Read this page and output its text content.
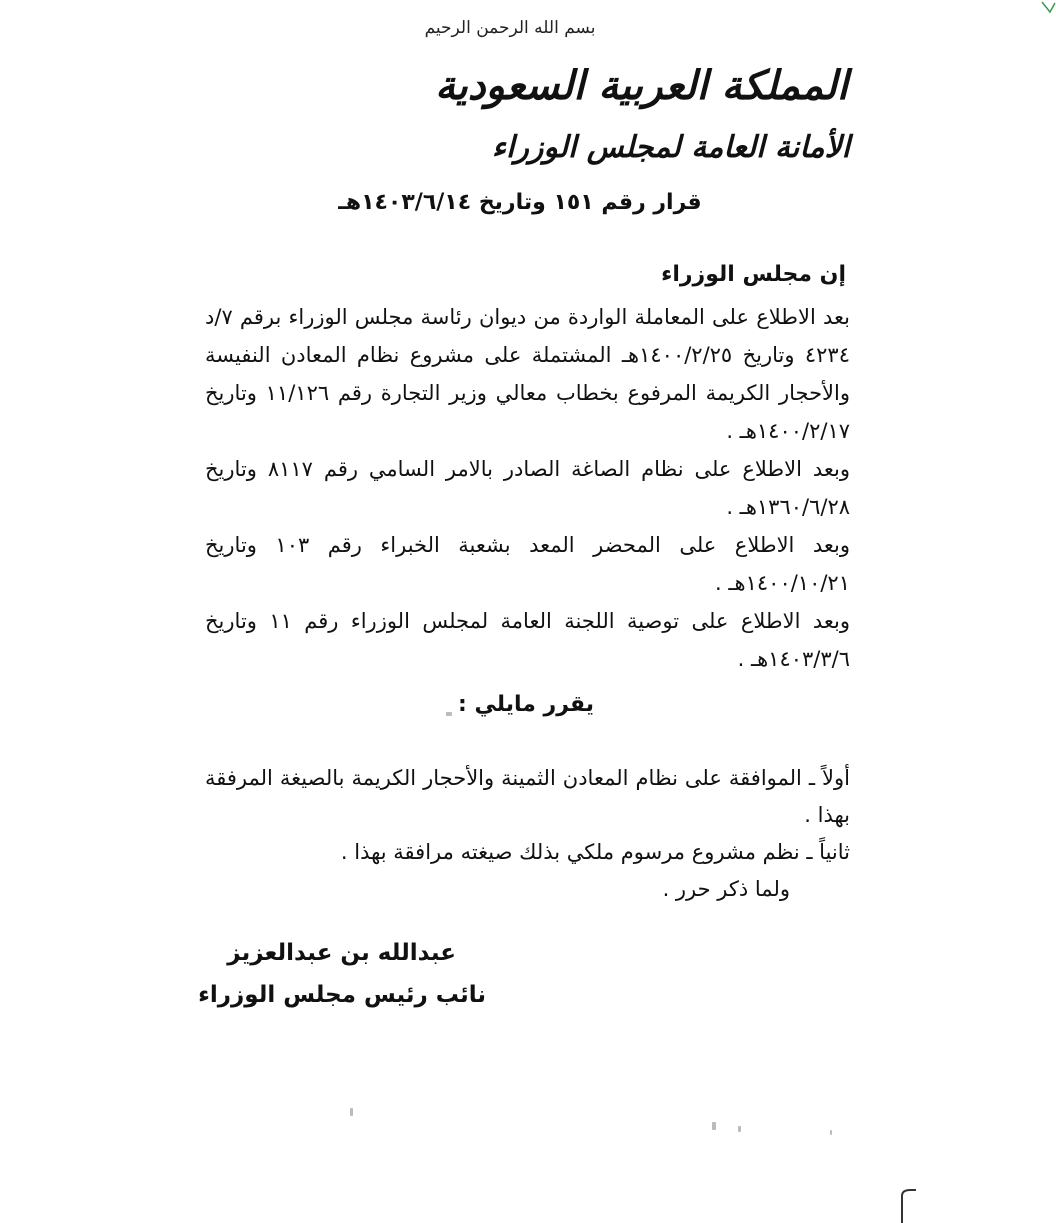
بسم الله الرحمن الرحيم
المملكة العربية السعودية
الأمانة العامة لمجلس الوزراء
قرار رقم ١٥١ وتاريخ ١٤٠٣/٦/١٤هـ
إن مجلس الوزراء

بعد الاطلاع على المعاملة الواردة من ديوان رئاسة مجلس الوزراء برقم ٧/د ٤٢٣٤ وتاريخ ١٤٠٠/٢/٢٥هـ المشتملة على مشروع نظام المعادن النفيسة والأحجار الكريمة المرفوع بخطاب معالي وزير التجارة رقم ١١/١٢٦ وتاريخ ١٤٠٠/٢/١٧هـ .

وبعد الاطلاع على نظام الصاغة الصادر بالامر السامي رقم ٨١١٧ وتاريخ ١٣٦٠/٦/٢٨هـ .

وبعد الاطلاع على المحضر المعد بشعبة الخبراء رقم ١٠٣ وتاريخ ١٤٠٠/١٠/٢١هـ .

وبعد الاطلاع على توصية اللجنة العامة لمجلس الوزراء رقم ١١ وتاريخ ١٤٠٣/٣/٦هـ .

يقرر مايلي :

أولاً ـ الموافقة على نظام المعادن الثمينة والأحجار الكريمة بالصيغة المرفقة بهذا .

ثانياً ـ نظم مشروع مرسوم ملكي بذلك صيغته مرافقة بهذا .

ولما ذكر حرر .

عبدالله بن عبدالعزيز
نائب رئيس مجلس الوزراء
